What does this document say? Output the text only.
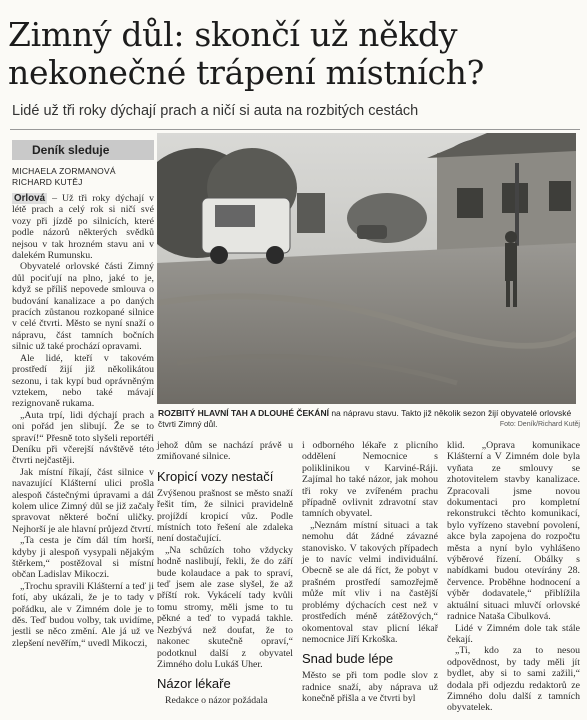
Zimný důl: skončí už někdy nekonečné trápení místních?

Lidé už tři roky dýchají prach a ničí si auta na rozbitých cestách

Deník sleduje
MICHAELA ZORMANOVÁ
RICHARD KUTĚJ

Orlová – Už tři roky dýchají v létě prach a celý rok si ničí své vozy při jízdě po silnicích, které podle názorů některých svědků nejsou v tak hrozném stavu ani v dalekém Rumunsku.

Obyvatelé orlovské části Zimný důl pociťují na plno, jaké to je, když se příliš nepovede smlouva o budování kanalizace a po daných pracích zůstanou rozkopané silnice v celé čtvrti. Město se nyní snaží o nápravu, část tamních bočních silnic už také prochází opravami.

Ale lidé, kteří v takovém prostředí žijí již několikátou sezonu, i tak kypí bud oprávněným vztekem, nebo také mávají rezignovaně rukama.

„Auta trpí, lidi dýchají prach a oni pořád jen slibují. Že se to spraví!“ Přesně toto slyšeli reportéři Deníku při včerejší návštěvě této čtvrti nejčastěji.

Jak místní říkají, část silnice v navazující Klášterní ulici prošla alespoň částečnými úpravami a dál kolem ulice Zimný důl se již začaly spravovat některé boční uličky. Nejhorší je ale hlavní průjezd čtvrtí.

„Ta cesta je čím dál tím horší, kdyby ji alespoň vysypali nějakým štěrkem,“ postěžoval si místní občan Ladislav Mikoczi.

„Trochu spravili Klášterní a teď ji fotí, aby ukázali, že je to tady v pořádku, ale v Zimném dole je to děs. Teď budou volby, tak uvidíme, jestli se něco změní. Ale já už ve zlepšení nevěřím,“ uvedl Mikoczi,

ROZBITÝ HLAVNÍ TAH A DLOUHÉ ČEKÁNÍ na nápravu stavu. Takto již několik sezon žijí obyvatelé orlovské čtvrti Zimný důl.	Foto: Deník/Richard Kutěj

jehož dům se nachází právě u zmiňované silnice.

Kropicí vozy nestačí

Zvýšenou prašnost se město snaží řešit tím, že silnici pravidelně projíždí kropicí vůz. Podle místních toto řešení ale zdaleka není dostačující.

„Na schůzích toho vždycky hodně naslibují, řekli, že do září bude kolaudace a pak to spraví, teď jsem ale zase slyšel, že až příští rok. Vykácelí tady kvůli tomu stromy, měli jsme to tu pěkné a teď to vypadá takhle. Nezbývá než doufat, že to nakonec skutečně opraví,“ podotknul další z obyvatel Zimného dolu Lukáš Uher.

Názor lékaře

Redakce o názor požádala

i odborného lékaře z plicního oddělení Nemocnice s poliklinikou v Karviné-Ráji. Zajímal ho také názor, jak mohou tři roky ve zvířeném prachu případně ovlivnit zdravotní stav tamních obyvatel.

„Neznám místní situaci a tak nemohu dát žádné závazné stanovisko. V takových případech je to navíc velmi individuální. Obecně se ale dá říct, že pobyt v prašném prostředí samozřejmě může mít vliv i na častější problémy dýchacích cest než v prostředích méně zátěžových,“ okomentoval stav plicní lékař nemocnice Jiří Krkoška.

Snad bude lépe

Město se při tom podle slov z radnice snaží, aby náprava už konečně přišla a ve čtvrti byl

klid. „Oprava komunikace Klášterní a V Zimném dole byla vyňata ze smlouvy se zhotovitelem stavby kanalizace. Zpracovali jsme novou dokumentaci pro kompletní rekonstrukci těchto komunikací, bylo vyřízeno stavební povolení, akce byla zapojena do rozpočtu města a nyní bylo vyhlášeno výběrové řízení. Obálky s nabídkami budou otevírány 28. července. Proběhne hodnocení a výběr dodavatele,“ přiblížila aktuální situaci mluvčí orlovské radnice Nataša Cibulková.

Lidé v Zimném dole tak stále čekají.

„Ti, kdo za to nesou odpovědnost, by tady měli jít bydlet, aby si to sami zažili,“ dodala při odjezdu redaktorů ze Zimného dolu další z tamních obyvatelek.
